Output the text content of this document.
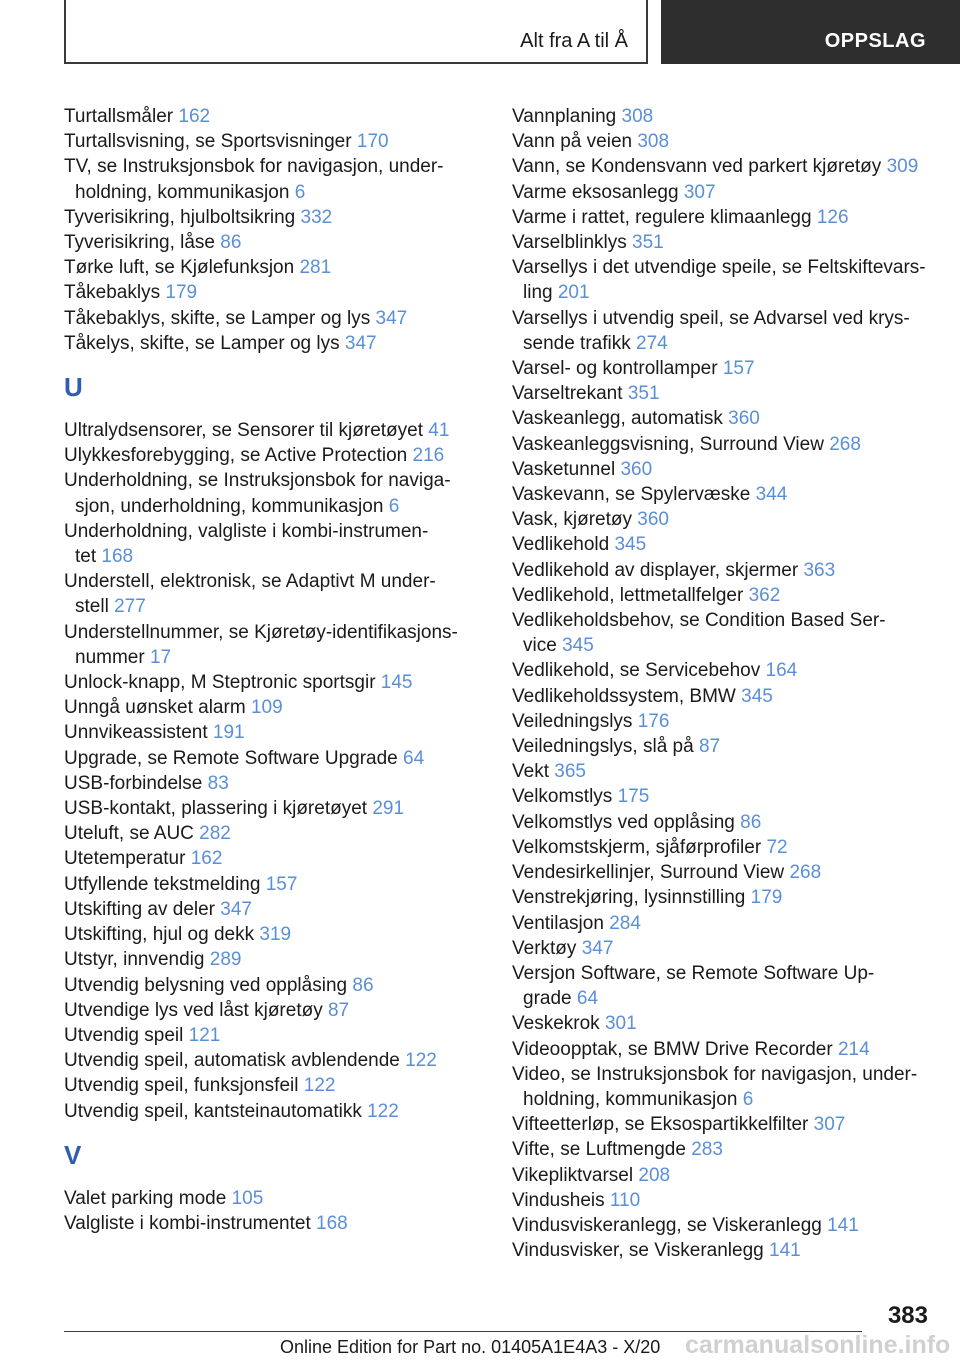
Alt fra A til Å	OPPSLAG
Turtallsmåler 162
Turtallsvisning, se Sportsvisninger 170
TV, se Instruksjonsbok for navigasjon, under-
holdning, kommunikasjon 6
Tyverisikring, hjulboltsikring 332
Tyverisikring, låse 86
Tørke luft, se Kjølefunksjon 281
Tåkebaklys 179
Tåkebaklys, skifte, se Lamper og lys 347
Tåkelys, skifte, se Lamper og lys 347
U
Ultralydsensorer, se Sensorer til kjøretøyet 41
Ulykkesforebygging, se Active Protection 216
Underholdning, se Instruksjonsbok for naviga-
sjon, underholdning, kommunikasjon 6
Underholdning, valgliste i kombi-instrumen-
tet 168
Understell, elektronisk, se Adaptivt M under-
stell 277
Understellnummer, se Kjøretøy-identifikasjons-
nummer 17
Unlock-knapp, M Steptronic sportsgir 145
Unngå uønsket alarm 109
Unnvikeassistent 191
Upgrade, se Remote Software Upgrade 64
USB-forbindelse 83
USB-kontakt, plassering i kjøretøyet 291
Uteluft, se AUC 282
Utetemperatur 162
Utfyllende tekstmelding 157
Utskifting av deler 347
Utskifting, hjul og dekk 319
Utstyr, innvendig 289
Utvendig belysning ved opplåsing 86
Utvendige lys ved låst kjøretøy 87
Utvendig speil 121
Utvendig speil, automatisk avblendende 122
Utvendig speil, funksjonsfeil 122
Utvendig speil, kantsteinautomatikk 122
V
Valet parking mode 105
Valgliste i kombi-instrumentet 168
Vannplaning 308
Vann på veien 308
Vann, se Kondensvann ved parkert kjøretøy 309
Varme eksosanlegg 307
Varme i rattet, regulere klimaanlegg 126
Varselblinklys 351
Varsellys i det utvendige speile, se Feltskiftevars-
ling 201
Varsellys i utvendig speil, se Advarsel ved krys-
sende trafikk 274
Varsel- og kontrollamper 157
Varseltrekant 351
Vaskeanlegg, automatisk 360
Vaskeanleggsvisning, Surround View 268
Vasketunnel 360
Vaskevann, se Spylervæske 344
Vask, kjøretøy 360
Vedlikehold 345
Vedlikehold av displayer, skjermer 363
Vedlikehold, lettmetallfelger 362
Vedlikeholdsbehov, se Condition Based Ser-
vice 345
Vedlikehold, se Servicebehov 164
Vedlikeholdssystem, BMW 345
Veiledningslys 176
Veiledningslys, slå på 87
Vekt 365
Velkomstlys 175
Velkomstlys ved opplåsing 86
Velkomstskjerm, sjåførprofiler 72
Vendesirkellinjer, Surround View 268
Venstrekjøring, lysinnstilling 179
Ventilasjon 284
Verktøy 347
Versjon Software, se Remote Software Up-
grade 64
Veskekrok 301
Videoopptak, se BMW Drive Recorder 214
Video, se Instruksjonsbok for navigasjon, under-
holdning, kommunikasjon 6
Vifteetterløp, se Eksospartikkelfilter 307
Vifte, se Luftmengde 283
Vikepliktvarsel 208
Vindusheis 110
Vindusviskeranlegg, se Viskeranlegg 141
Vindusvisker, se Viskeranlegg 141
383
Online Edition for Part no. 01405A1E4A3 - X/20 carmanualsonline.info
